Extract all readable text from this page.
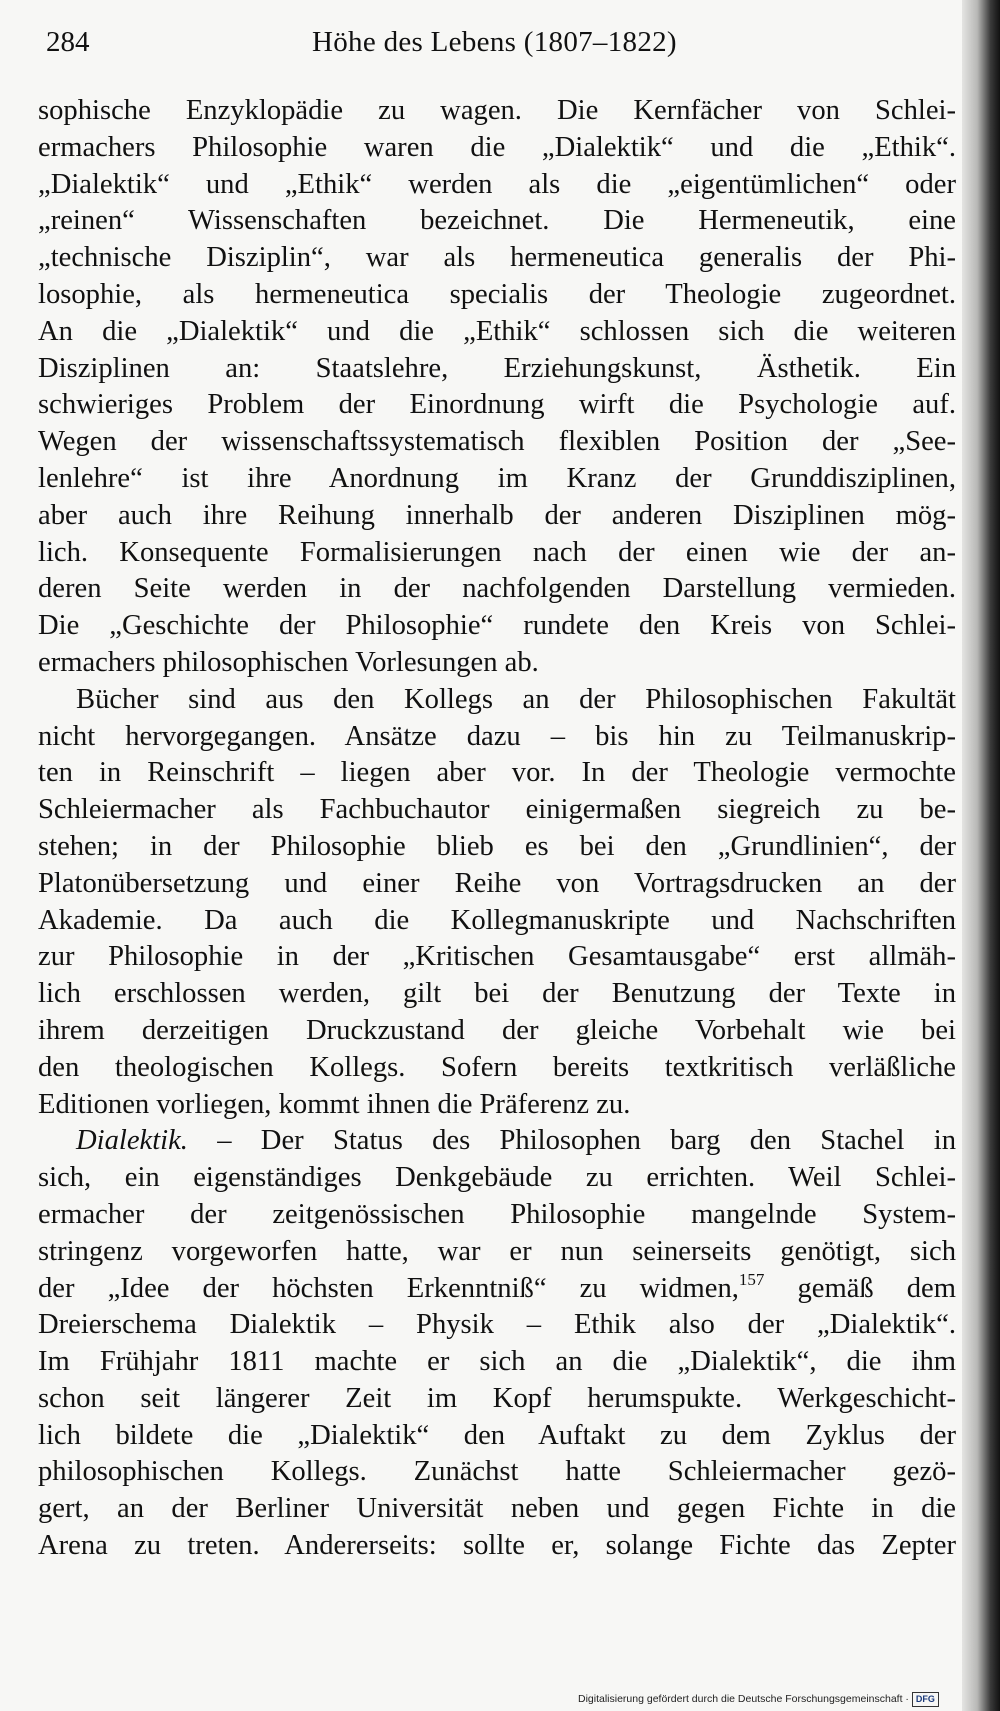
284	Höhe des Lebens (1807–1822)
sophische Enzyklopädie zu wagen. Die Kernfächer von Schlei-
ermachers Philosophie waren die „Dialektik“ und die „Ethik“.
„Dialektik“ und „Ethik“ werden als die „eigentümlichen“ oder
„reinen“ Wissenschaften bezeichnet. Die Hermeneutik, eine
„technische Disziplin“, war als hermeneutica generalis der Phi-
losophie, als hermeneutica specialis der Theologie zugeordnet.
An die „Dialektik“ und die „Ethik“ schlossen sich die weiteren
Disziplinen an: Staatslehre, Erziehungskunst, Ästhetik. Ein
schwieriges Problem der Einordnung wirft die Psychologie auf.
Wegen der wissenschaftssystematisch flexiblen Position der „See-
lenlehre“ ist ihre Anordnung im Kranz der Grunddisziplinen,
aber auch ihre Reihung innerhalb der anderen Disziplinen mög-
lich. Konsequente Formalisierungen nach der einen wie der an-
deren Seite werden in der nachfolgenden Darstellung vermieden.
Die „Geschichte der Philosophie“ rundete den Kreis von Schlei-
ermachers philosophischen Vorlesungen ab.
Bücher sind aus den Kollegs an der Philosophischen Fakultät
nicht hervorgegangen. Ansätze dazu – bis hin zu Teilmanuskrip-
ten in Reinschrift – liegen aber vor. In der Theologie vermochte
Schleiermacher als Fachbuchautor einigermaßen siegreich zu be-
stehen; in der Philosophie blieb es bei den „Grundlinien“, der
Platonübersetzung und einer Reihe von Vortragsdrucken an der
Akademie. Da auch die Kollegmanuskripte und Nachschriften
zur Philosophie in der „Kritischen Gesamtausgabe“ erst allmäh-
lich erschlossen werden, gilt bei der Benutzung der Texte in
ihrem derzeitigen Druckzustand der gleiche Vorbehalt wie bei
den theologischen Kollegs. Sofern bereits textkritisch verläßliche
Editionen vorliegen, kommt ihnen die Präferenz zu.
Dialektik. – Der Status des Philosophen barg den Stachel in
sich, ein eigenständiges Denkgebäude zu errichten. Weil Schlei-
ermacher der zeitgenössischen Philosophie mangelnde System-
stringenz vorgeworfen hatte, war er nun seinerseits genötigt, sich
der „Idee der höchsten Erkenntniß“ zu widmen,$^{157}$ gemäß dem
Dreierschema Dialektik – Physik – Ethik also der „Dialektik“.
Im Frühjahr 1811 machte er sich an die „Dialektik“, die ihm
schon seit längerer Zeit im Kopf herumspukte. Werkgeschicht-
lich bildete die „Dialektik“ den Auftakt zu dem Zyklus der
philosophischen Kollegs. Zunächst hatte Schleiermacher gezö-
gert, an der Berliner Universität neben und gegen Fichte in die
Arena zu treten. Andererseits: sollte er, solange Fichte das Zepter
Digitalisierung gefördert durch die Deutsche Forschungsgemeinschaft · DFG
